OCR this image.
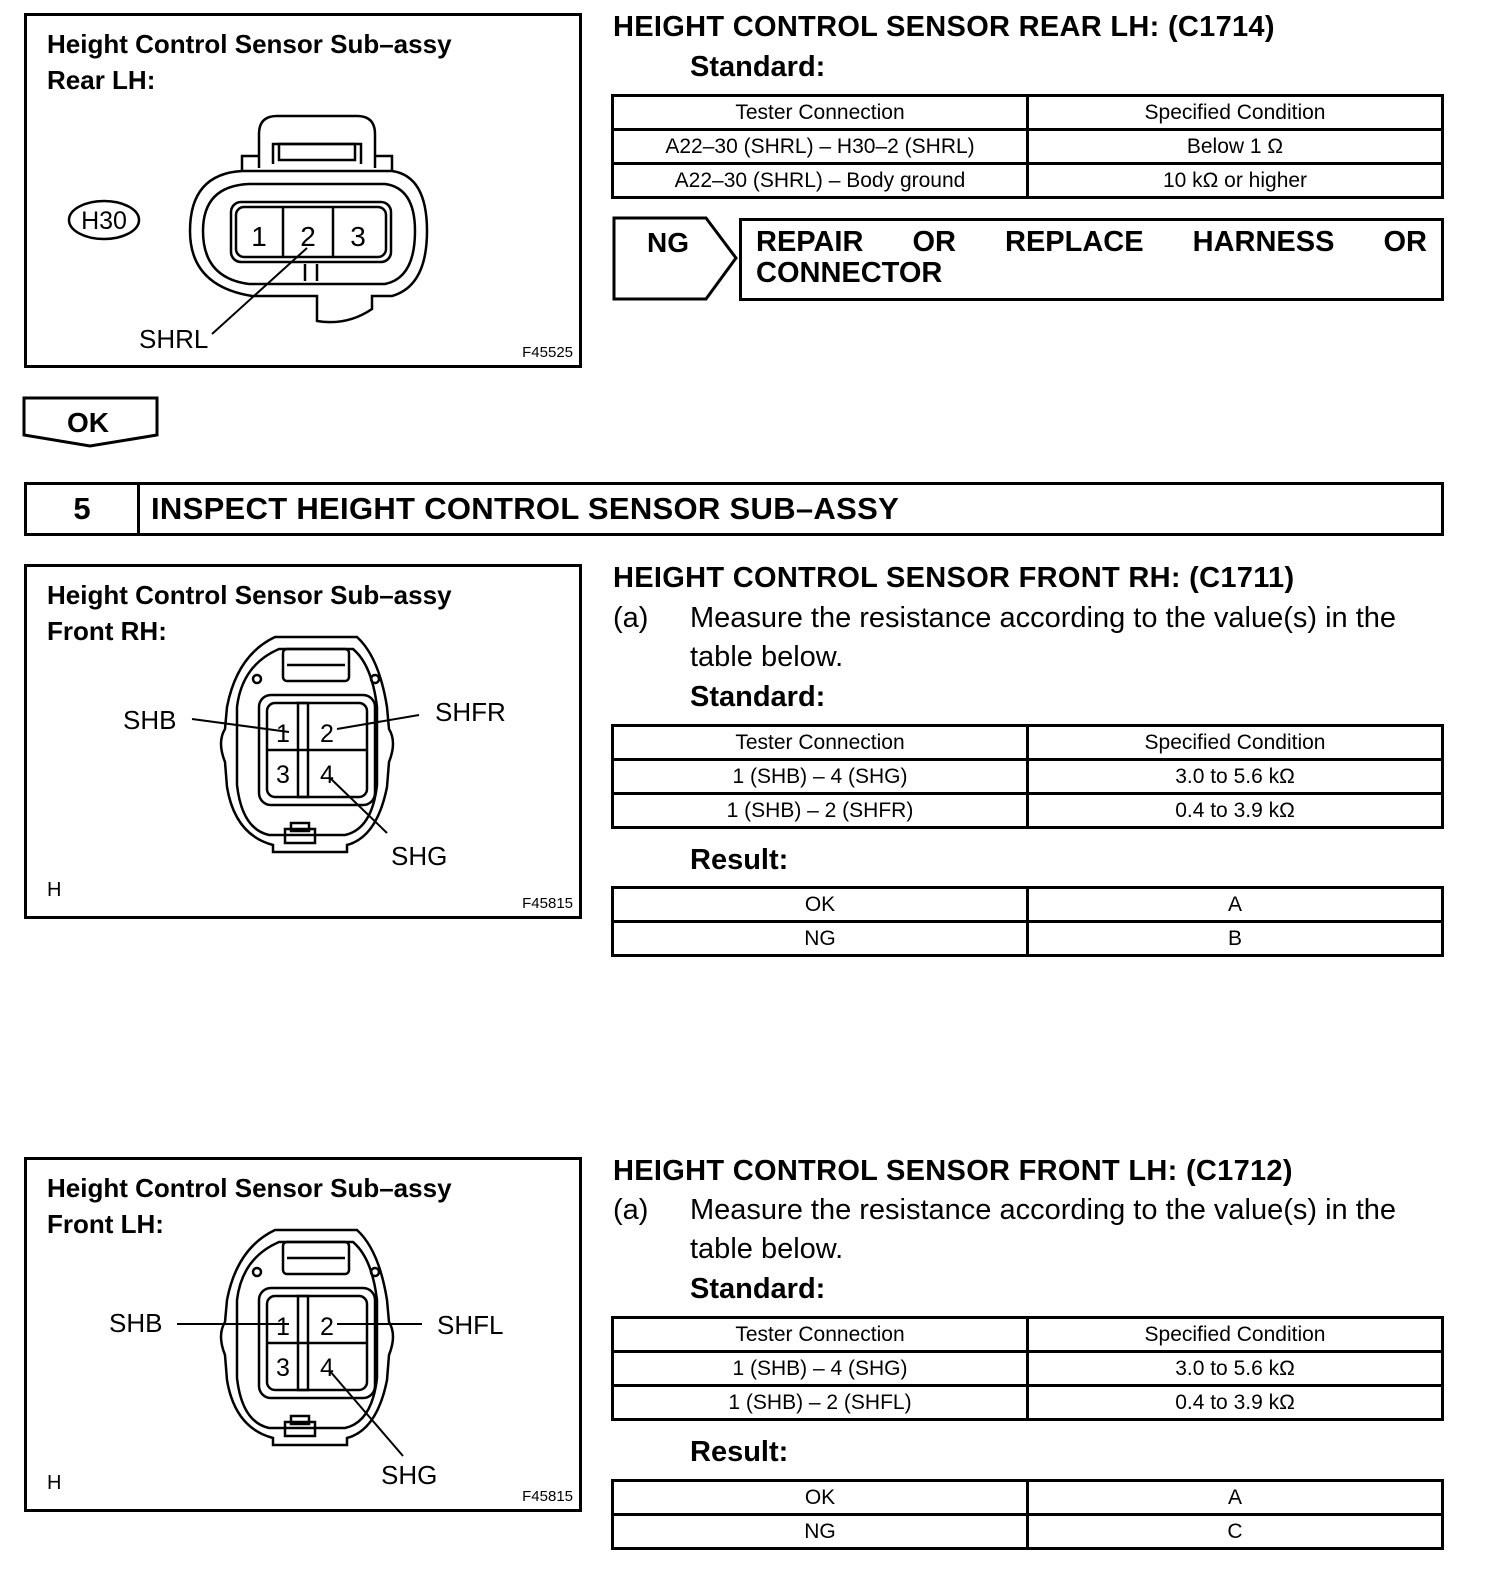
Height Control Sensor Sub–assy
Rear LH:
H30	1 2 3
SHRL	F45525
HEIGHT CONTROL SENSOR REAR LH: (C1714)
Standard:
Tester Connection	Specified Condition
A22–30 (SHRL) – H30–2 (SHRL)	Below 1 Ω
A22–30 (SHRL) – Body ground	10 kΩ or higher
NG	REPAIR OR REPLACE HARNESS OR CONNECTOR
OK
5	INSPECT HEIGHT CONTROL SENSOR SUB–ASSY
Height Control Sensor Sub–assy
Front RH:
1 2
3 4
SHB	SHFR
SHG
H
F45815
HEIGHT CONTROL SENSOR FRONT RH: (C1711)
(a) Measure the resistance according to the value(s) in the
table below.
Standard:
Tester Connection	Specified Condition
1 (SHB) – 4 (SHG)	3.0 to 5.6 kΩ
1 (SHB) – 2 (SHFR)	0.4 to 3.9 kΩ
Result:
OK	A
NG	B
Height Control Sensor Sub–assy
Front LH:
1 2
3 4
SHB	SHFL
SHG
H
F45815
HEIGHT CONTROL SENSOR FRONT LH: (C1712)
(a) Measure the resistance according to the value(s) in the
table below.
Standard:
Tester Connection	Specified Condition
1 (SHB) – 4 (SHG)	3.0 to 5.6 kΩ
1 (SHB) – 2 (SHFL)	0.4 to 3.9 kΩ
Result:
OK	A
NG	C
